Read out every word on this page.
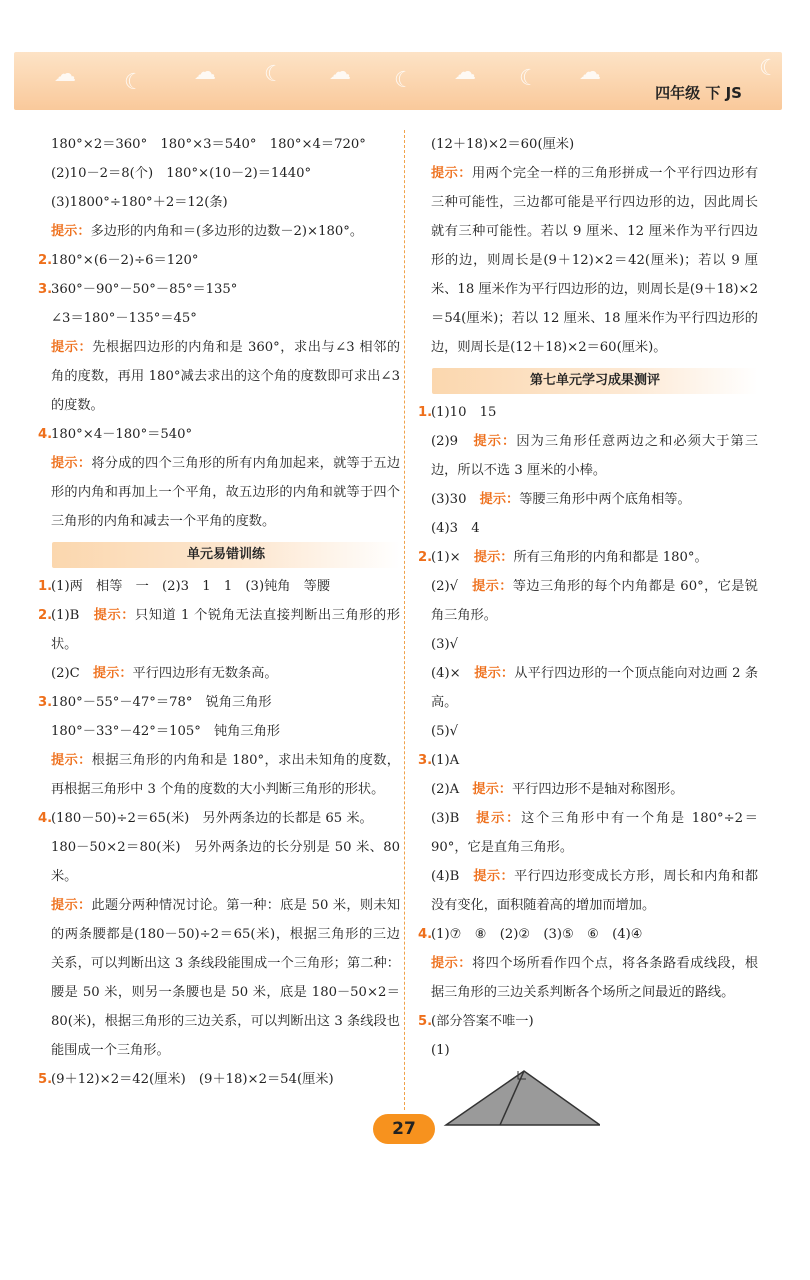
☁ ☾ ☁ ☾ ☁ ☾ ☁ ☾ ☁	☾
四年级 下 JS
180°×2＝360°　180°×3＝540°　180°×4＝720°
(2)10－2＝8(个)　180°×(10－2)＝1440°
(3)1800°÷180°＋2＝12(条)
提示：多边形的内角和＝(多边形的边数－2)×180°。
2.180°×(6－2)÷6＝120°
3.360°－90°－50°－85°＝135°
∠3＝180°－135°＝45°
提示：先根据四边形的内角和是 360°，求出与∠3 相邻的角的度数，再用 180°减去求出的这个角的度数即可求出∠3 的度数。
4.180°×4－180°＝540°
提示：将分成的四个三角形的所有内角加起来，就等于五边形的内角和再加上一个平角，故五边形的内角和就等于四个三角形的内角和减去一个平角的度数。
单元易错训练
1.(1)两　相等　一　(2)3　1　1　(3)钝角　等腰
2.(1)B　提示：只知道 1 个锐角无法直接判断出三角形的形状。
(2)C　提示：平行四边形有无数条高。
3.180°－55°－47°＝78°　锐角三角形
180°－33°－42°＝105°　钝角三角形
提示：根据三角形的内角和是 180°，求出未知角的度数，再根据三角形中 3 个角的度数的大小判断三角形的形状。
4.(180－50)÷2＝65(米)　另外两条边的长都是 65 米。
180－50×2＝80(米)　另外两条边的长分别是 50 米、80 米。
提示：此题分两种情况讨论。第一种：底是 50 米，则未知的两条腰都是(180－50)÷2＝65(米)，根据三角形的三边关系，可以判断出这 3 条线段能围成一个三角形；第二种：腰是 50 米，则另一条腰也是 50 米，底是 180－50×2＝80(米)，根据三角形的三边关系，可以判断出这 3 条线段也能围成一个三角形。
5.(9＋12)×2＝42(厘米)　(9＋18)×2＝54(厘米)
(12＋18)×2＝60(厘米)
提示：用两个完全一样的三角形拼成一个平行四边形有三种可能性，三边都可能是平行四边形的边，因此周长就有三种可能性。若以 9 厘米、12 厘米作为平行四边形的边，则周长是(9＋12)×2＝42(厘米)；若以 9 厘米、18 厘米作为平行四边形的边，则周长是(9＋18)×2＝54(厘米)；若以 12 厘米、18 厘米作为平行四边形的边，则周长是(12＋18)×2＝60(厘米)。
第七单元学习成果测评
1.(1)10　15
(2)9　提示：因为三角形任意两边之和必须大于第三边，所以不选 3 厘米的小棒。
(3)30　提示：等腰三角形中两个底角相等。
(4)3　4
2.(1)×　提示：所有三角形的内角和都是 180°。
(2)√　提示：等边三角形的每个内角都是 60°，它是锐角三角形。
(3)√
(4)×　提示：从平行四边形的一个顶点能向对边画 2 条高。
(5)√
3.(1)A
(2)A　提示：平行四边形不是轴对称图形。
(3)B　提示：这个三角形中有一个角是 180°÷2＝90°，它是直角三角形。
(4)B　提示：平行四边形变成长方形，周长和内角和都没有变化，面积随着高的增加而增加。
4.(1)⑦　⑧　(2)②　(3)⑤　⑥　(4)④
提示：将四个场所看作四个点，将各条路看成线段，根据三角形的三边关系判断各个场所之间最近的路线。
5.(部分答案不唯一)
(1)
27
